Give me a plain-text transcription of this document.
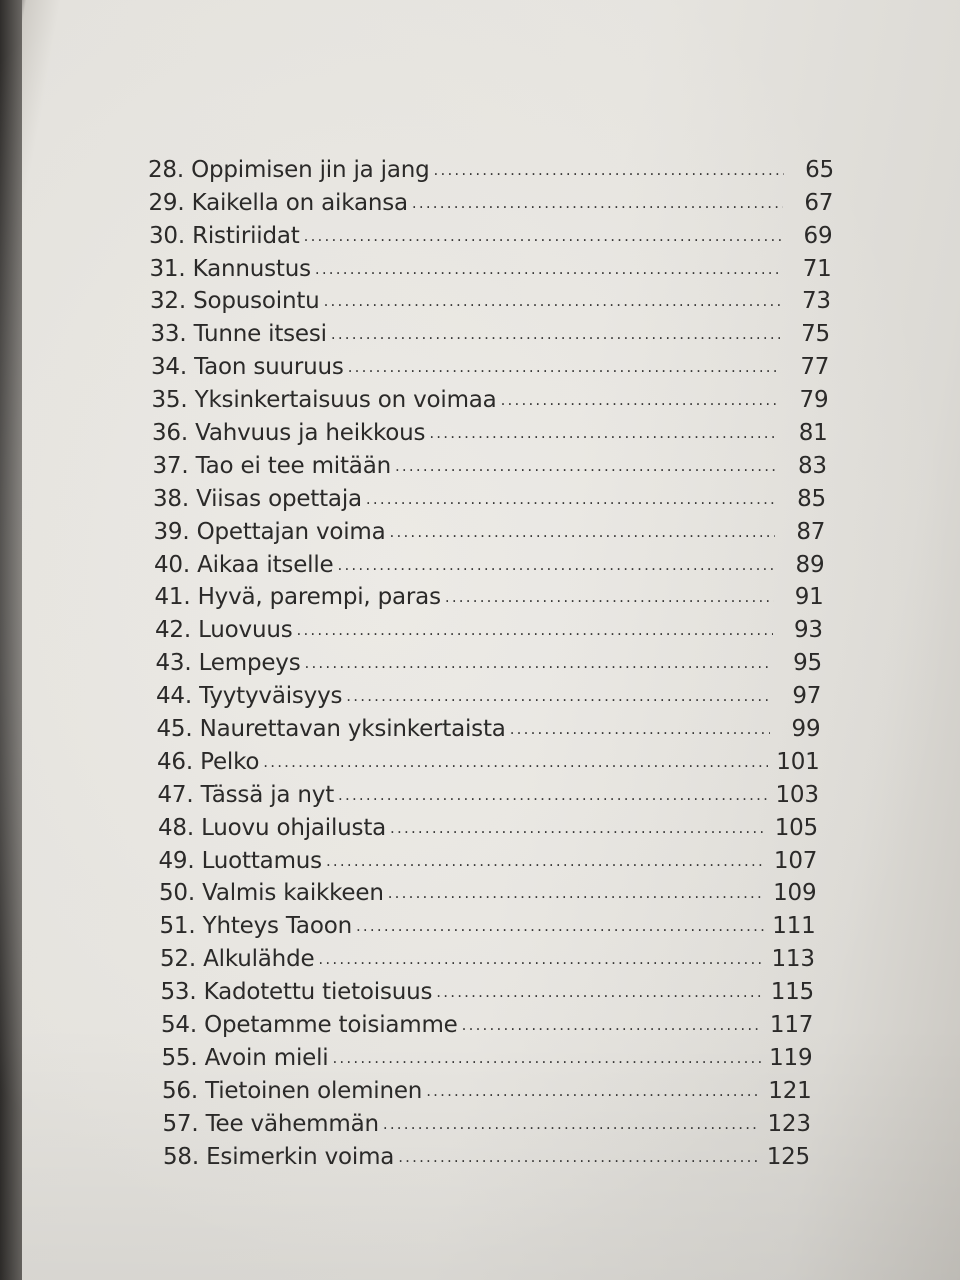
28. Oppimisen jin ja jang .....	65
29. Kaikella on aikansa .....	67
30. Ristiriidat .....	69
31. Kannustus .....	71
32. Sopusointu .....	73
33. Tunne itsesi .....	75
34. Taon suuruus .....	77
35. Yksinkertaisuus on voimaa .....	79
36. Vahvuus ja heikkous .....	81
37. Tao ei tee mitään .....	83
38. Viisas opettaja .....	85
39. Opettajan voima .....	87
40. Aikaa itselle .....	89
41. Hyvä, parempi, paras .....	91
42. Luovuus .....	93
43. Lempeys .....	95
44. Tyytyväisyys .....	97
45. Naurettavan yksinkertaista .....	99
46. Pelko .....	101
47. Tässä ja nyt .....	103
48. Luovu ohjailusta .....	105
49. Luottamus .....	107
50. Valmis kaikkeen .....	109
51. Yhteys Taoon .....	111
52. Alkulähde .....	113
53. Kadotettu tietoisuus .....	115
54. Opetamme toisiamme .....	117
55. Avoin mieli .....	119
56. Tietoinen oleminen .....	121
57. Tee vähemmän .....	123
58. Esimerkin voima .....	125
